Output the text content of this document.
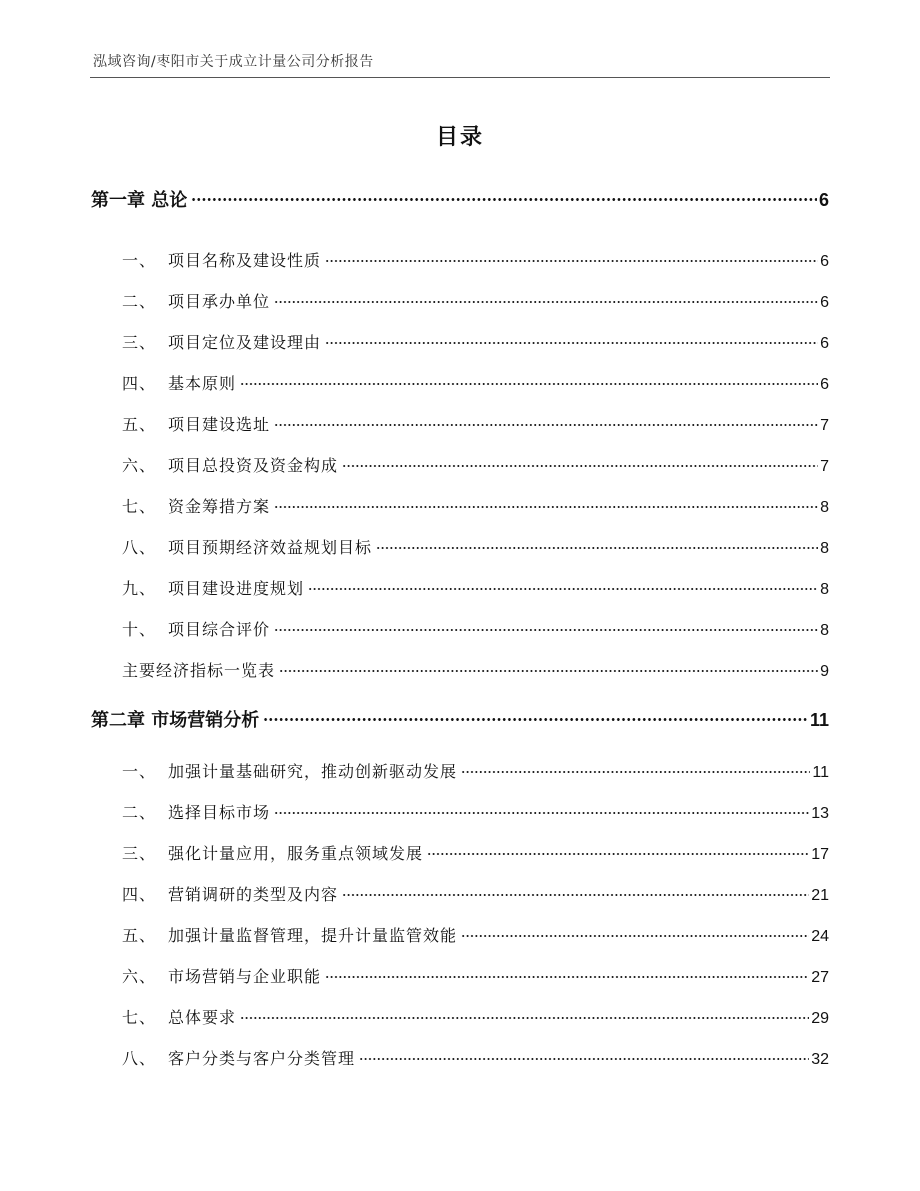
泓域咨询/枣阳市关于成立计量公司分析报告
目录
第一章 总论	6
一、 项目名称及建设性质	6
二、 项目承办单位	6
三、 项目定位及建设理由	6
四、 基本原则	6
五、 项目建设选址	7
六、 项目总投资及资金构成	7
七、 资金筹措方案	8
八、 项目预期经济效益规划目标	8
九、 项目建设进度规划	8
十、 项目综合评价	8
主要经济指标一览表	9
第二章 市场营销分析	11
一、 加强计量基础研究，推动创新驱动发展	11
二、 选择目标市场	13
三、 强化计量应用，服务重点领域发展	17
四、 营销调研的类型及内容	21
五、 加强计量监督管理，提升计量监管效能	24
六、 市场营销与企业职能	27
七、 总体要求	29
八、 客户分类与客户分类管理	32
